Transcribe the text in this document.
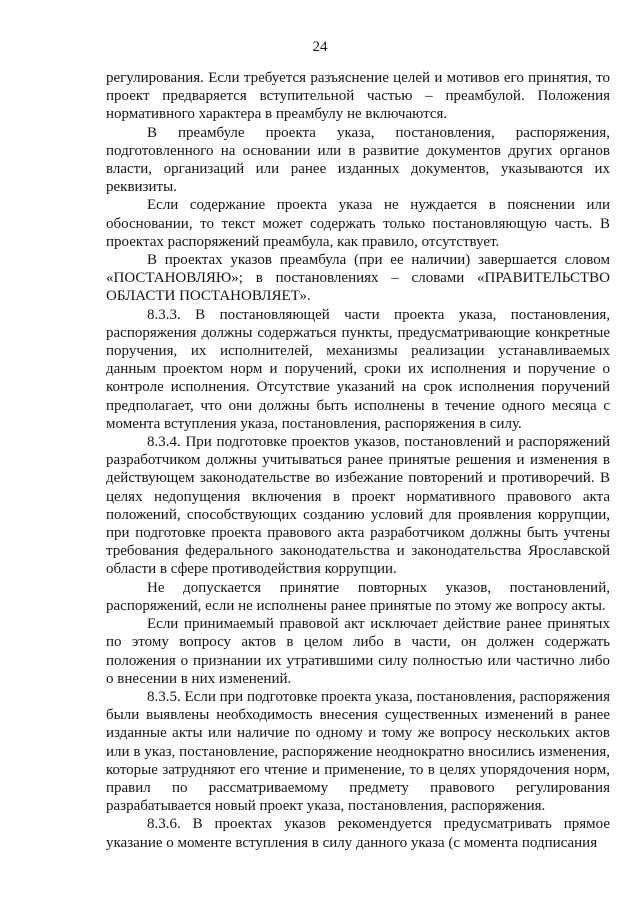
24

регулирования. Если требуется разъяснение целей и мотивов его принятия, то проект предваряется вступительной частью – преамбулой. Положения нормативного характера в преамбулу не включаются.

В преамбуле проекта указа, постановления, распоряжения, подготовленного на основании или в развитие документов других органов власти, организаций или ранее изданных документов, указываются их реквизиты.

Если содержание проекта указа не нуждается в пояснении или обосновании, то текст может содержать только постановляющую часть. В проектах распоряжений преамбула, как правило, отсутствует.

В проектах указов преамбула (при ее наличии) завершается словом «ПОСТАНОВЛЯЮ»; в постановлениях – словами «ПРАВИТЕЛЬСТВО ОБЛАСТИ ПОСТАНОВЛЯЕТ».

8.3.3. В постановляющей части проекта указа, постановления, распоряжения должны содержаться пункты, предусматривающие конкретные поручения, их исполнителей, механизмы реализации устанавливаемых данным проектом норм и поручений, сроки их исполнения и поручение о контроле исполнения. Отсутствие указаний на срок исполнения поручений предполагает, что они должны быть исполнены в течение одного месяца с момента вступления указа, постановления, распоряжения в силу.

8.3.4. При подготовке проектов указов, постановлений и распоряжений разработчиком должны учитываться ранее принятые решения и изменения в действующем законодательстве во избежание повторений и противоречий. В целях недопущения включения в проект нормативного правового акта положений, способствующих созданию условий для проявления коррупции, при подготовке проекта правового акта разработчиком должны быть учтены требования федерального законодательства и законодательства Ярославской области в сфере противодействия коррупции.

Не допускается принятие повторных указов, постановлений, распоряжений, если не исполнены ранее принятые по этому же вопросу акты.

Если принимаемый правовой акт исключает действие ранее принятых по этому вопросу актов в целом либо в части, он должен содержать положения о признании их утратившими силу полностью или частично либо о внесении в них изменений.

8.3.5. Если при подготовке проекта указа, постановления, распоряжения были выявлены необходимость внесения существенных изменений в ранее изданные акты или наличие по одному и тому же вопросу нескольких актов или в указ, постановление, распоряжение неоднократно вносились изменения, которые затрудняют его чтение и применение, то в целях упорядочения норм, правил по рассматриваемому предмету правового регулирования разрабатывается новый проект указа, постановления, распоряжения.

8.3.6. В проектах указов рекомендуется предусматривать прямое указание о моменте вступления в силу данного указа (с момента подписания
